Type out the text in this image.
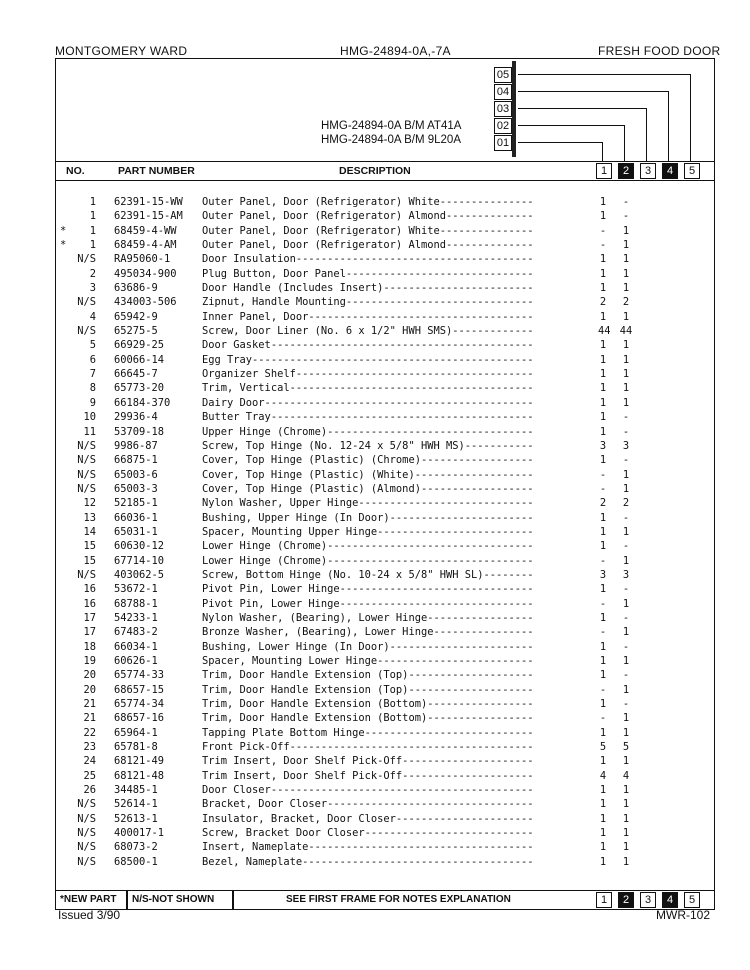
MONTGOMERY WARD	HMG-24894-0A,-7A	FRESH FOOD DOOR
HMG-24894-0A B/M AT41A
HMG-24894-0A B/M 9L20A
05
04
03
02
01
NO.	PART NUMBER	DESCRIPTION	1	2	3	4	5
1 62391-15-WW Outer Panel, Door (Refrigerator) White---------------	1	-
1 62391-15-AM Outer Panel, Door (Refrigerator) Almond--------------	1	-
*	1 68459-4-WW Outer Panel, Door (Refrigerator) White---------------	-	1
*	1 68459-4-AM Outer Panel, Door (Refrigerator) Almond--------------	-	1
N/S RA95060-1	Door Insulation--------------------------------------	1	1
2 495034-900 Plug Button, Door Panel------------------------------	1	1
3 63686-9	Door Handle (Includes Insert)------------------------	1	1
N/S 434003-506 Zipnut, Handle Mounting------------------------------	2	2
4 65942-9	Inner Panel, Door------------------------------------	1	1
N/S 65275-5	Screw, Door Liner (No. 6 x 1/2" HWH SMS)-------------	44 44
5 66929-25	Door Gasket------------------------------------------	1	1
6 60066-14	Egg Tray---------------------------------------------	1	1
7 66645-7	Organizer Shelf--------------------------------------	1	1
8 65773-20	Trim, Vertical---------------------------------------	1	1
9 66184-370	Dairy Door-------------------------------------------	1	1
10 29936-4	Butter Tray------------------------------------------	1	-
11 53709-18	Upper Hinge (Chrome)---------------------------------	1	-
N/S 9986-87	Screw, Top Hinge (No. 12-24 x 5/8" HWH MS)-----------	3	3
N/S 66875-1	Cover, Top Hinge (Plastic) (Chrome)------------------	1	-
N/S 65003-6	Cover, Top Hinge (Plastic) (White)-------------------	-	1
N/S 65003-3	Cover, Top Hinge (Plastic) (Almond)------------------	-	1
12 52185-1	Nylon Washer, Upper Hinge----------------------------	2	2
13 66036-1	Bushing, Upper Hinge (In Door)-----------------------	1	-
14 65031-1	Spacer, Mounting Upper Hinge-------------------------	1	1
15 60630-12	Lower Hinge (Chrome)---------------------------------	1	-
15 67714-10	Lower Hinge (Chrome)---------------------------------	-	1
N/S 403062-5	Screw, Bottom Hinge (No. 10-24 x 5/8" HWH SL)--------	3	3
16 53672-1	Pivot Pin, Lower Hinge-------------------------------	1	-
16 68788-1	Pivot Pin, Lower Hinge-------------------------------	-	1
17 54233-1	Nylon Washer, (Bearing), Lower Hinge-----------------	1	-
17 67483-2	Bronze Washer, (Bearing), Lower Hinge----------------	-	1
18 66034-1	Bushing, Lower Hinge (In Door)-----------------------	1	-
19 60626-1	Spacer, Mounting Lower Hinge-------------------------	1	1
20 65774-33	Trim, Door Handle Extension (Top)--------------------	1	-
20 68657-15	Trim, Door Handle Extension (Top)--------------------	-	1
21 65774-34	Trim, Door Handle Extension (Bottom)-----------------	1	-
21 68657-16	Trim, Door Handle Extension (Bottom)-----------------	-	1
22 65964-1	Tapping Plate Bottom Hinge---------------------------	1	1
23 65781-8	Front Pick-Off---------------------------------------	5	5
24 68121-49	Trim Insert, Door Shelf Pick-Off---------------------	1	1
25 68121-48	Trim Insert, Door Shelf Pick-Off---------------------	4	4
26 34485-1	Door Closer------------------------------------------	1	1
N/S 52614-1	Bracket, Door Closer---------------------------------	1	1
N/S 52613-1	Insulator, Bracket, Door Closer----------------------	1	1
N/S 400017-1	Screw, Bracket Door Closer---------------------------	1	1
N/S 68073-2	Insert, Nameplate------------------------------------	1	1
N/S 68500-1	Bezel, Nameplate-------------------------------------	1	1
*NEW PART N/S-NOT SHOWN	SEE FIRST FRAME FOR NOTES EXPLANATION	1	2	3	4	5
Issued 3/90	MWR-102
